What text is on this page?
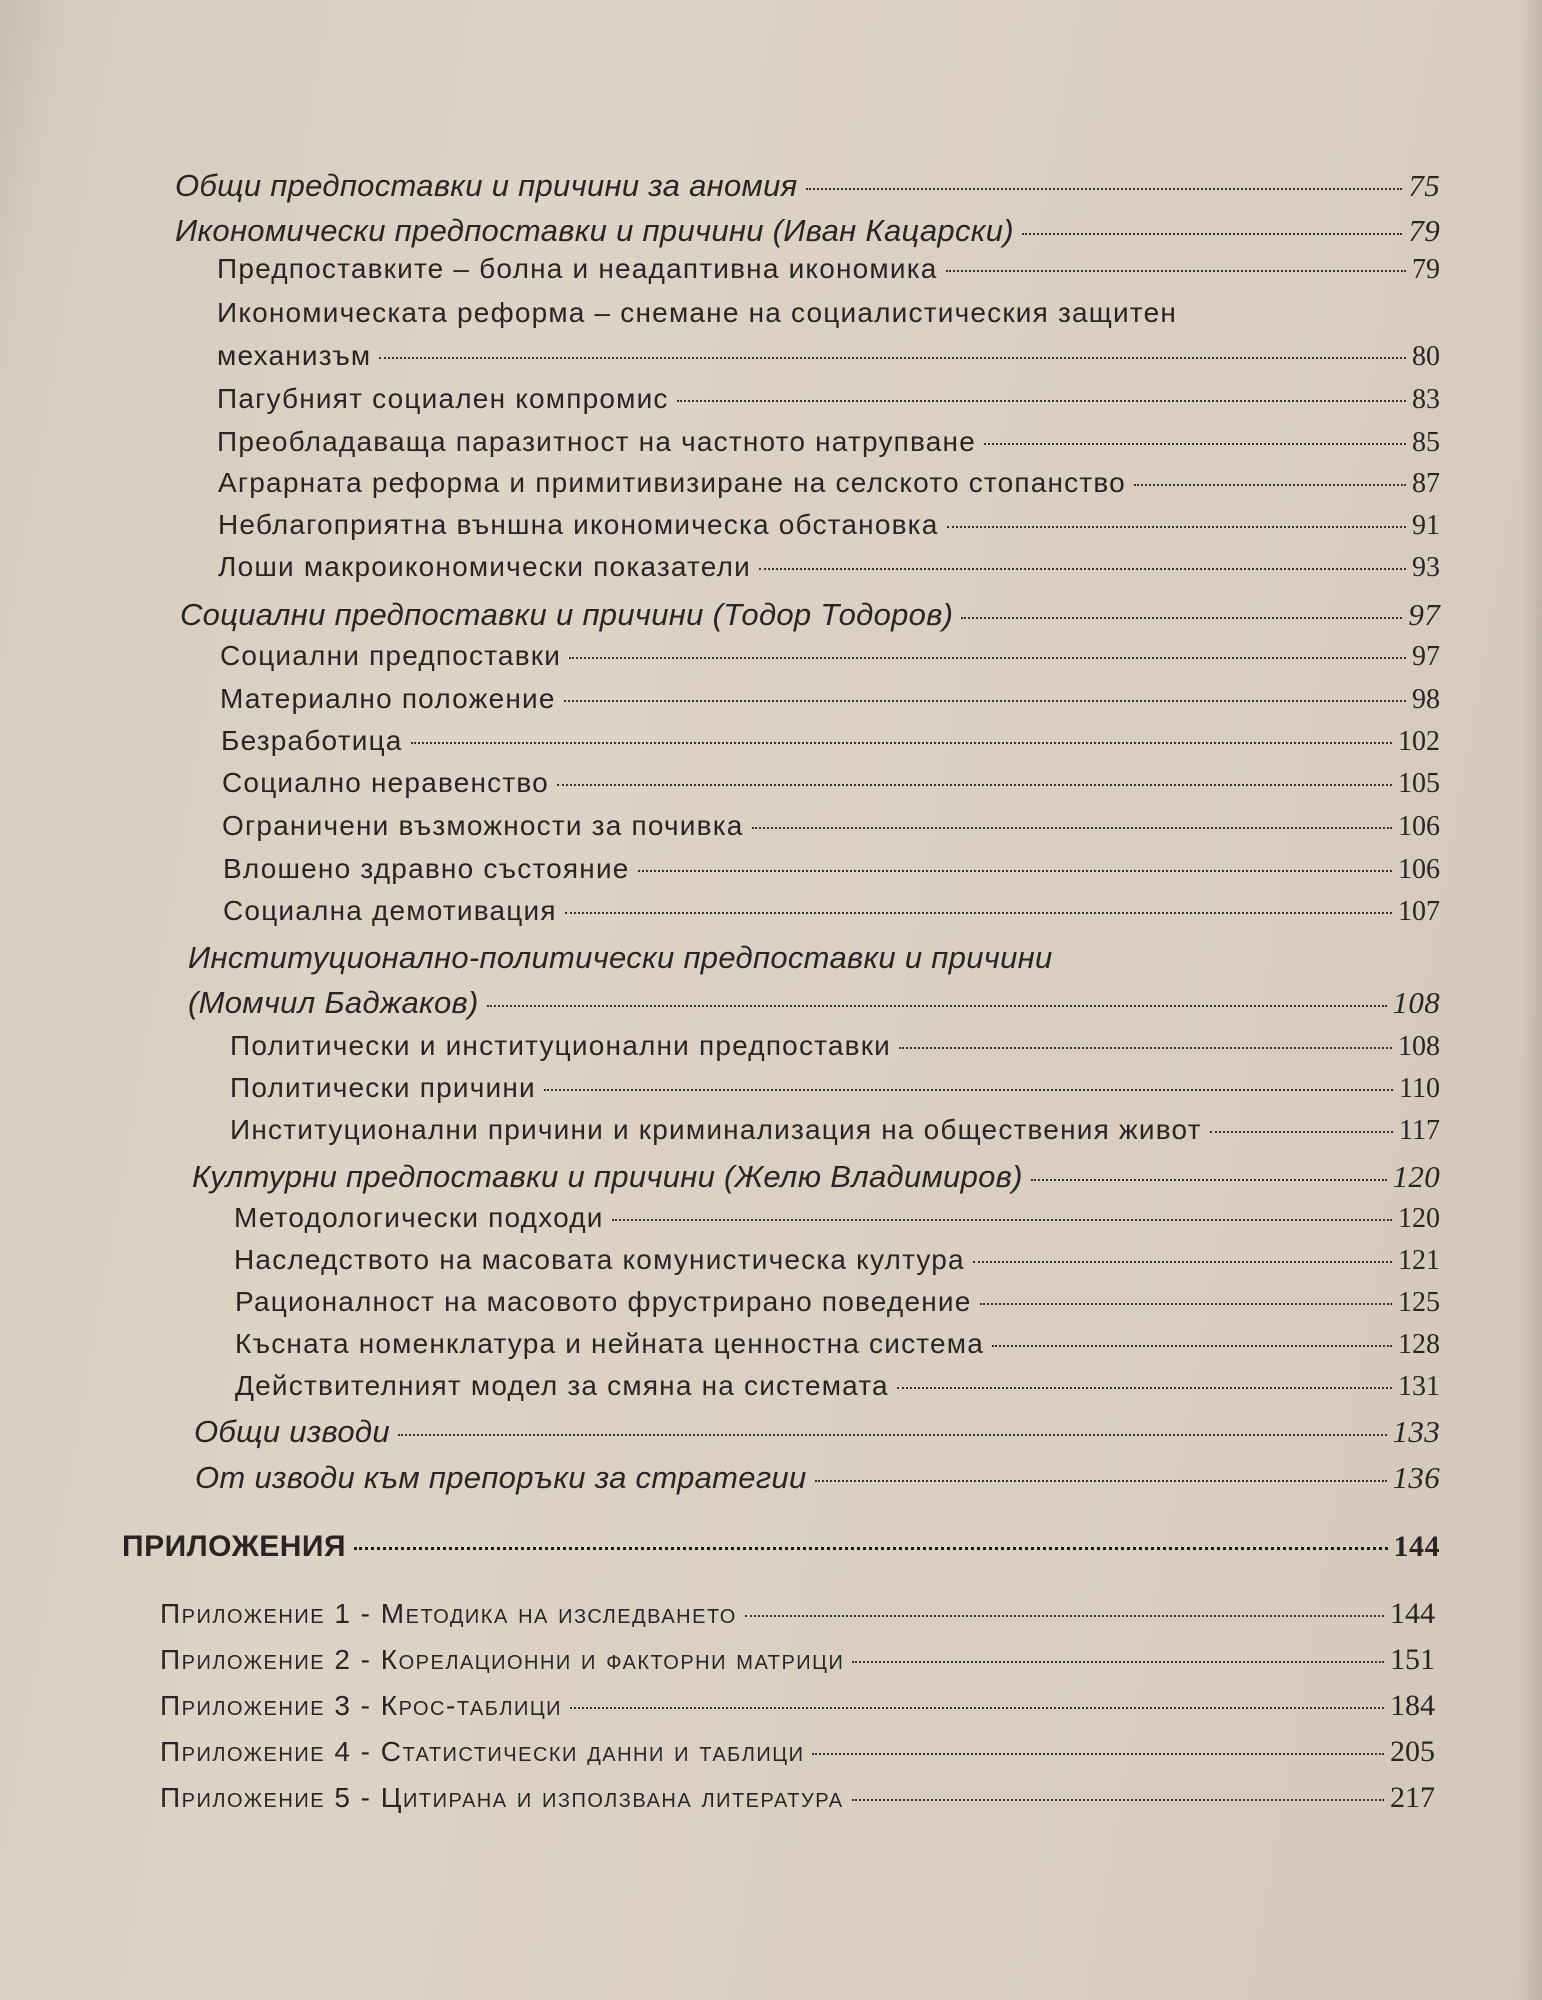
Общи предпоставки и причини за аномия	75
Икономически предпоставки и причини (Иван Кацарски)	79
Предпоставките – болна и неадаптивна икономика	79
Икономическата реформа – снемане на социалистическия защитен
механизъм	80
Пагубният социален компромис	83
Преобладаваща паразитност на частното натрупване	85
Аграрната реформа и примитивизиране на селското стопанство	87
Неблагоприятна външна икономическа обстановка	91
Лоши макроикономически показатели	93
Социални предпоставки и причини (Тодор Тодоров)	97
Социални предпоставки	97
Материално положение	98
Безработица	102
Социално неравенство	105
Ограничени възможности за почивка	106
Влошено здравно състояние	106
Социална демотивация	107
Институционално-политически предпоставки и причини
(Момчил Баджаков)	108
Политически и институционални предпоставки	108
Политически причини	110
Институционални причини и криминализация на обществения живот	117
Културни предпоставки и причини (Желю Владимиров)	120
Методологически подходи	120
Наследството на масовата комунистическа култура	121
Рационалност на масовото фрустрирано поведение	125
Късната номенклатура и нейната ценностна система	128
Действителният модел за смяна на системата	131
Общи изводи	133
От изводи към препоръки за стратегии	136
ПРИЛОЖЕНИЯ	144
Приложение 1 - Методика на изследването	144
Приложение 2 - Корелационни и факторни матрици	151
Приложение 3 - Крос-таблици	184
Приложение 4 - Статистически данни и таблици	205
Приложение 5 - Цитирана и използвана литература	217
